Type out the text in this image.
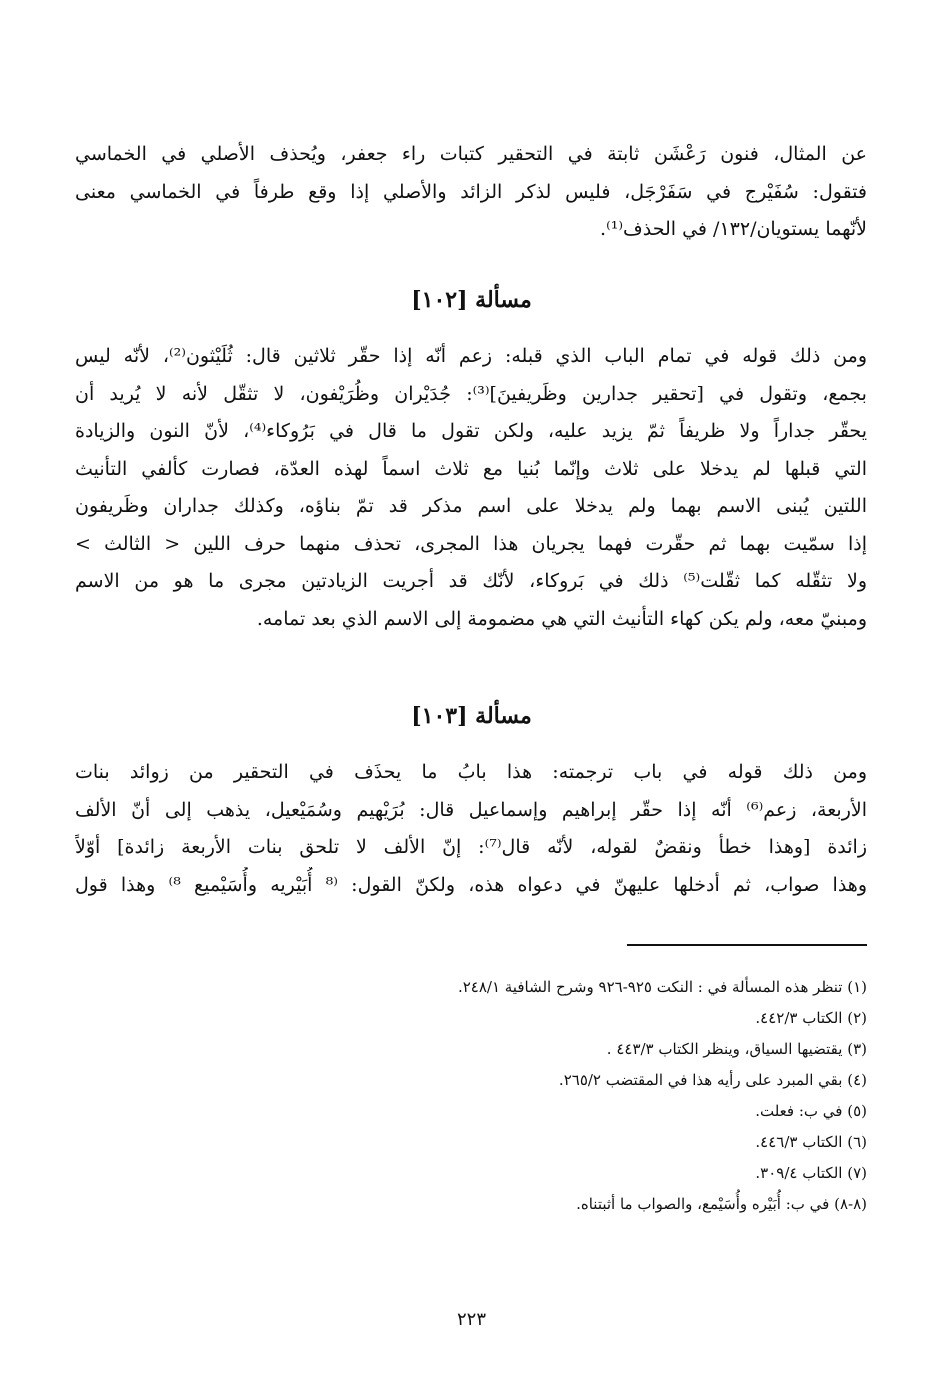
عن المثال، فنون رَعْشَن ثابتة في التحقير كتبات راء جعفر، ويُحذف الأصلي في الخماسي
فتقول: سُفَيْرج في سَفَرْجَل، فليس لذكر الزائد والأصلي إذا وقع طرفاً في الخماسي معنى
لأنّهما يستويان/١٣٢/ في الحذف⁽¹⁾.
مسألة [١٠٢]
ومن ذلك قوله في تمام الباب الذي قبله: زعم أنّه إذا حقّر ثلاثين قال: ثُلَيْثون⁽²⁾، لأنّه ليس
بجمع، وتقول في [تحقير جدارين وظَريفينَ]⁽³⁾: جُدَيْران وظُرَيْفون، لا تثقّل لأنه لا يُريد أن
يحقّر جداراً ولا ظريفاً ثمّ يزيد عليه، ولكن تقول ما قال في بَرُوكاء⁽⁴⁾، لأنّ النون والزيادة
التي قبلها لم يدخلا على ثلاث وإنّما بُنيا مع ثلاث اسماً لهذه العدّة، فصارت كألفي التأنيث
اللتين يُبنى الاسم بهما ولم يدخلا على اسم مذكر قد تمّ بناؤه، وكذلك جداران وظَريفون
إذا سمّيت بهما ثم حقّرت فهما يجريان هذا المجرى، تحذف منهما حرف اللين < الثالث >
ولا تثقّله كما ثقّلت⁽⁵⁾ ذلك في بَروكاء، لأنّك قد أجريت الزيادتين مجرى ما هو من الاسم
ومبنيّ معه، ولم يكن كهاء التأنيث التي هي مضمومة إلى الاسم الذي بعد تمامه.
مسألة [١٠٣]
ومن ذلك قوله في باب ترجمته: هذا بابُ ما يحذَف في التحقير من زوائد بنات
الأربعة، زعم⁽⁶⁾ أنّه إذا حقّر إبراهيم وإسماعيل قال: بُرَيْهيم وسُمَيْعيل، يذهب إلى أنّ الألف
زائدة [وهذا خطأ ونقضٌ لقوله، لأنّه قال⁽⁷⁾: إنّ الألف لا تلحق بنات الأربعة زائدة] أوّلاً
وهذا صواب، ثم أدخلها عليهنّ في دعواه هذه، ولكنّ القول: ⁽⁸ أُبَيْريه وأُسَيْميع ⁸⁾ وهذا قول
(١) تنظر هذه المسألة في : النكت ٩٢٥-٩٢٦ وشرح الشافية ٢٤٨/١.
(٢) الكتاب ٤٤٢/٣.
(٣) يقتضيها السياق، وينظر الكتاب ٤٤٣/٣ .
(٤) بقي المبرد على رأيه هذا في المقتضب ٢٦٥/٢.
(٥) في ب: فعلت.
(٦) الكتاب ٤٤٦/٣.
(٧) الكتاب ٣٠٩/٤.
(٨-٨) في ب: أُبَيْره وأُسَيْمع، والصواب ما أثبتناه.
٢٢٣
